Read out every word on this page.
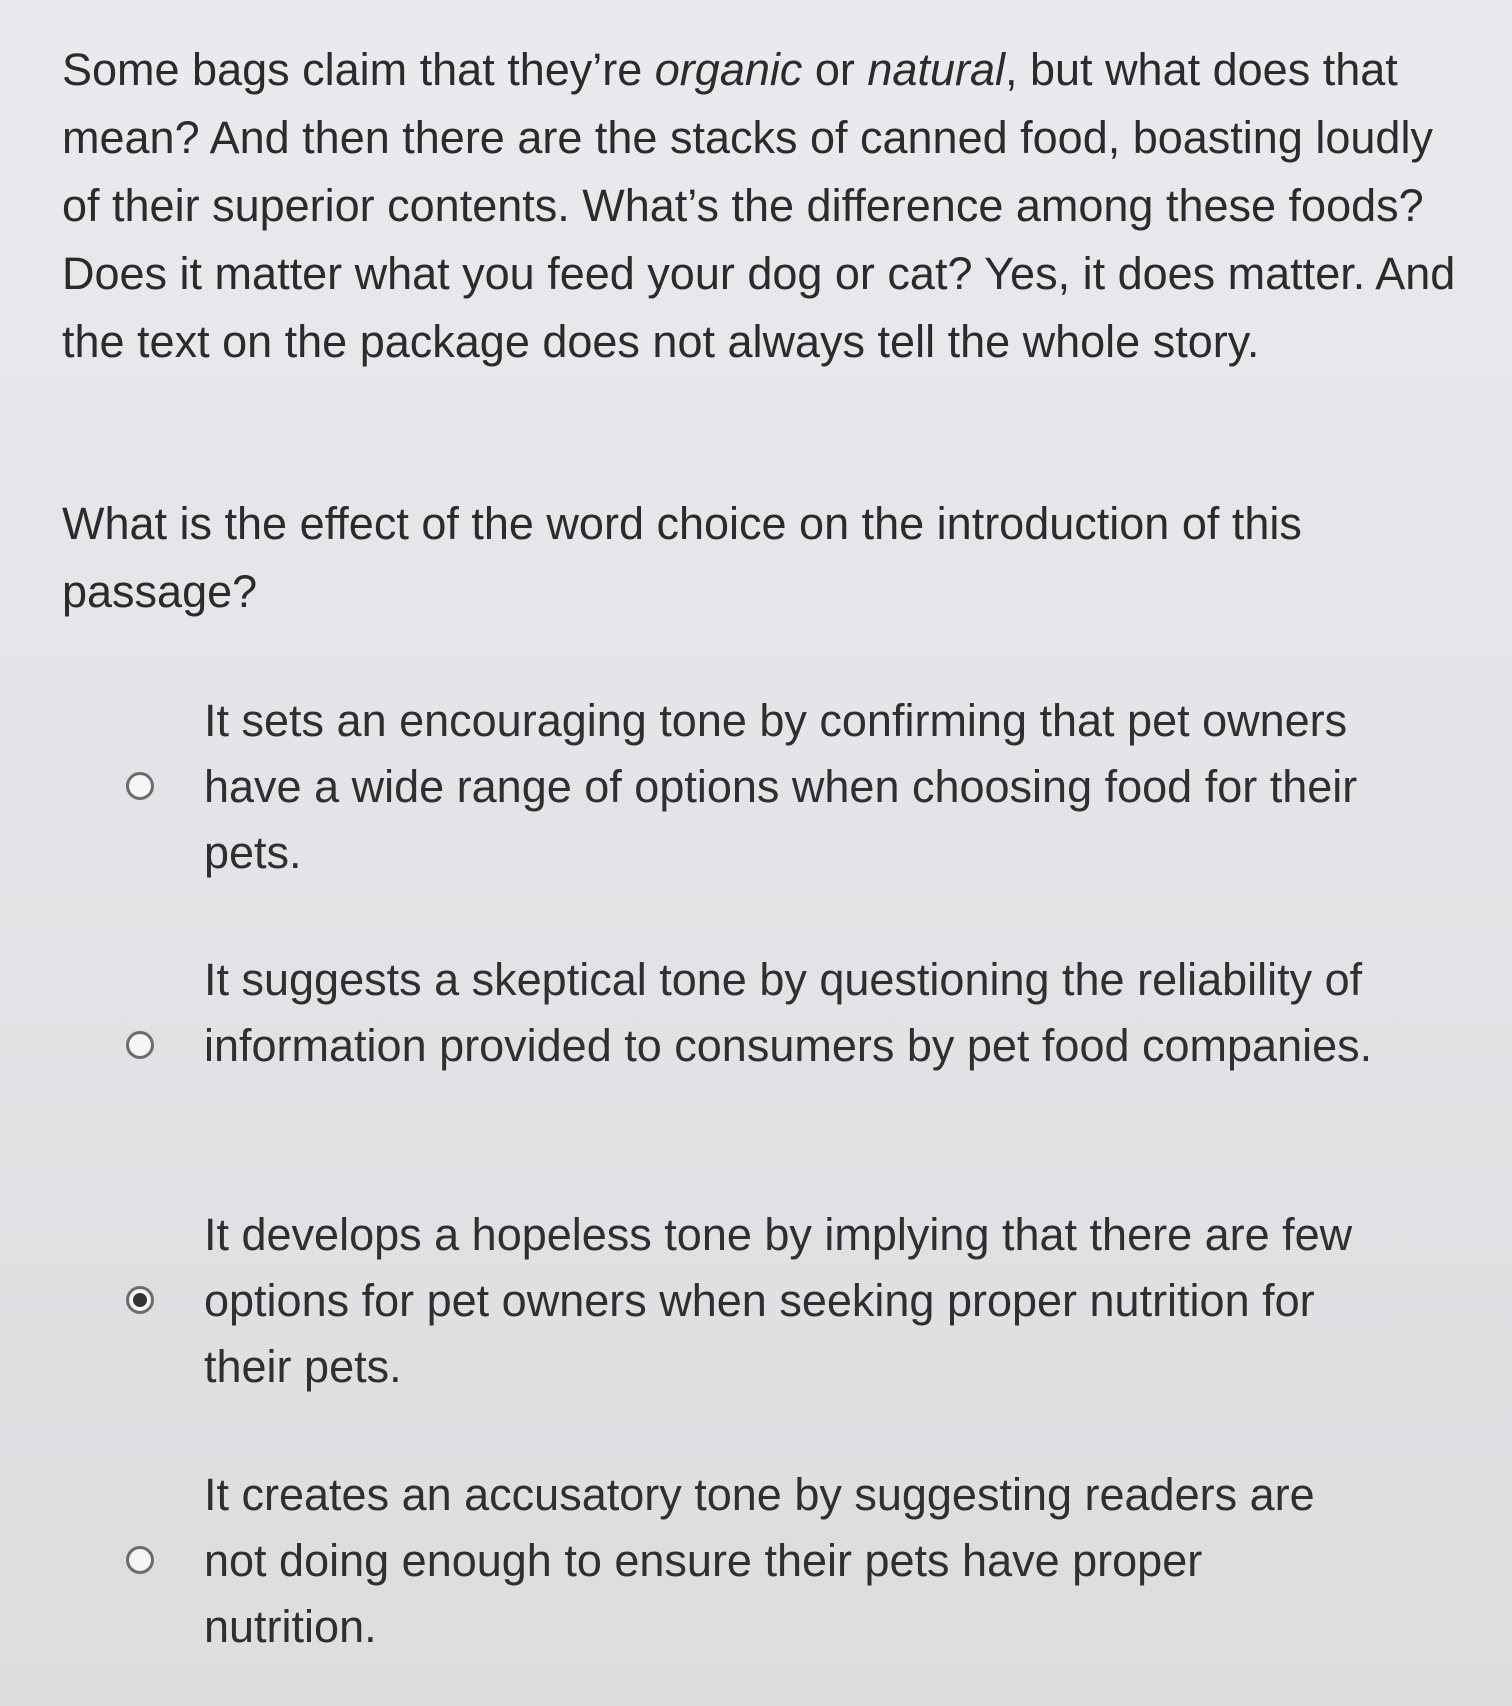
Some bags claim that they’re organic or natural, but what does that mean? And then there are the stacks of canned food, boasting loudly of their superior contents. What’s the difference among these foods? Does it matter what you feed your dog or cat? Yes, it does matter. And the text on the package does not always tell the whole story.

What is the effect of the word choice on the introduction of this passage?

It sets an encouraging tone by confirming that pet owners have a wide range of options when choosing food for their pets.
It suggests a skeptical tone by questioning the reliability of information provided to consumers by pet food companies.
It develops a hopeless tone by implying that there are few options for pet owners when seeking proper nutrition for their pets.
It creates an accusatory tone by suggesting readers are not doing enough to ensure their pets have proper nutrition.
